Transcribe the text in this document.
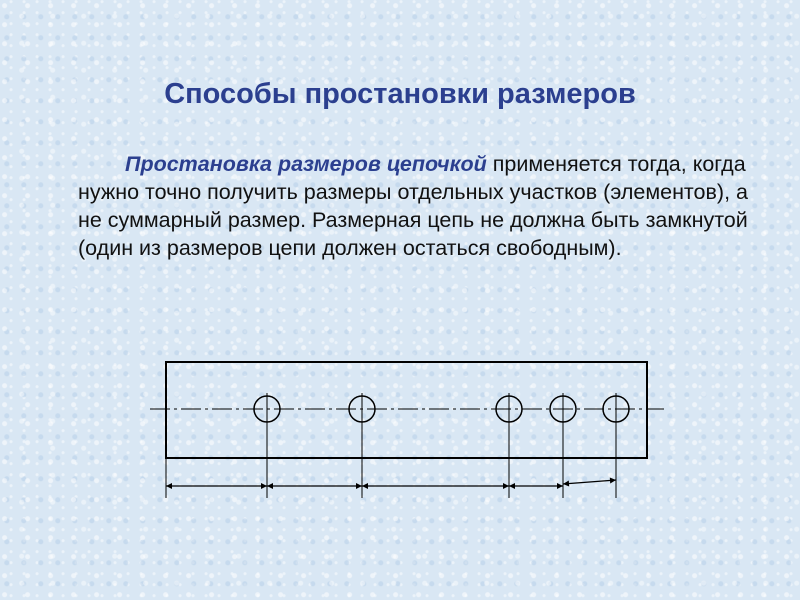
Способы простановки размеров
Простановка размеров цепочкой применяется тогда, когда нужно точно получить размеры отдельных участков (элементов), а не суммарный размер. Размерная цепь не должна быть замкнутой (один из размеров цепи должен остаться свободным).
